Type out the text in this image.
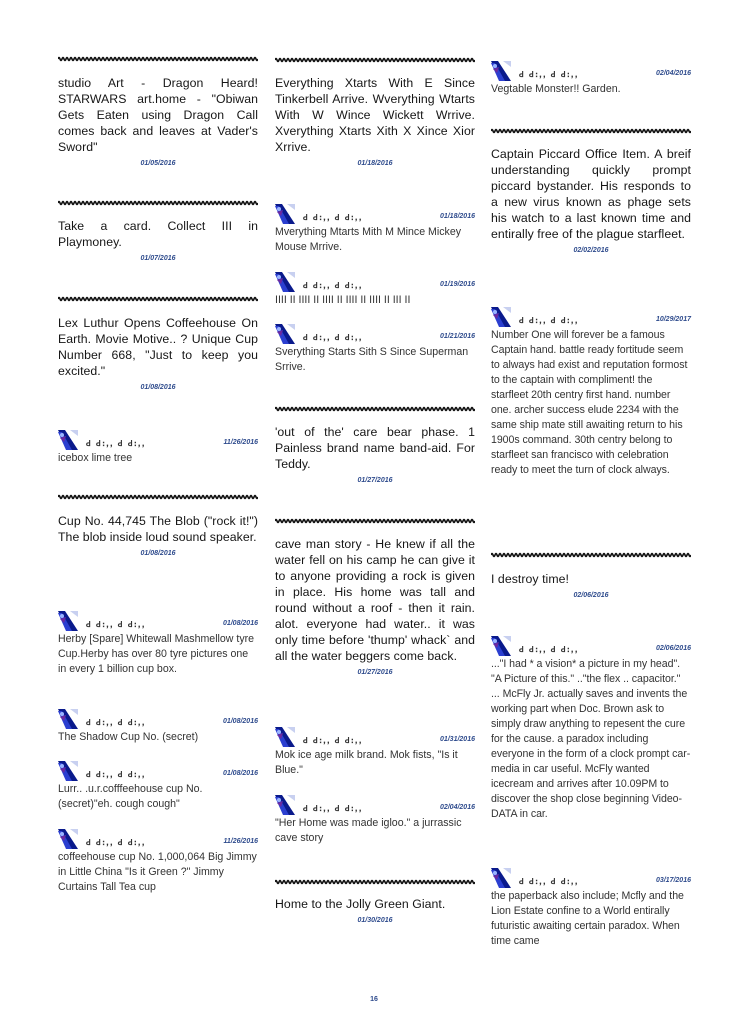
studio Art - Dragon Heard! STARWARS art.home - "Obiwan Gets Eaten using Dragon Call comes back and leaves at Vader's Sword"
01/05/2016
Take a card. Collect III in Playmoney.
01/07/2016
Lex Luthur Opens Coffeehouse On Earth. Movie Motive.. ? Unique Cup Number 668, "Just to keep you excited."
01/08/2016
ꓒ ꓒꓽꓹꓹ ꓒ ꓒꓽꓹꓹ	11/26/2016
icebox lime tree
Cup No. 44,745 The Blob ("rock it!") The blob inside loud sound speaker.
01/08/2016
ꓒ ꓒꓽꓹꓹ ꓒ ꓒꓽꓹꓹ	01/08/2016
Herby [Spare] Whitewall Mashmellow tyre Cup.Herby has over 80 tyre pictures one in every 1 billion cup box.
ꓒ ꓒꓽꓹꓹ ꓒ ꓒꓽꓹꓹ	01/08/2016
The Shadow Cup No. (secret)
ꓒ ꓒꓽꓹꓹ ꓒ ꓒꓽꓹꓹ	01/08/2016
Lurr.. .u.r.cofffeehouse cup No. (secret)"eh. cough cough"
ꓒ ꓒꓽꓹꓹ ꓒ ꓒꓽꓹꓹ	11/26/2016
coffeehouse cup No. 1,000,064 Big Jimmy in Little China "Is it Green ?" Jimmy Curtains Tall Tea cup
Everything Xtarts With E Since Tinkerbell Arrive. Wverything Wtarts With W Wince Wickett Wrrive. Xverything Xtarts Xith X Xince Xior Xrrive.
01/18/2016
ꓒ ꓒꓽꓹꓹ ꓒ ꓒꓽꓹꓹ	01/18/2016
Mverything Mtarts Mith M Mince Mickey Mouse Mrrive.
ꓒ ꓒꓽꓹꓹ ꓒ ꓒꓽꓹꓹ	01/19/2016
IIII II IIII II IIII II IIII II IIII II III II
ꓒ ꓒꓽꓹꓹ ꓒ ꓒꓽꓹꓹ	01/21/2016
Sverything Starts Sith S Since Superman Srrive.
'out of the' care bear phase. 1 Painless brand name band-aid. For Teddy.
01/27/2016
cave man story - He knew if all the water fell on his camp he can give it to anyone providing a rock is given in place. His home was tall and round without a roof - then it rain. alot. everyone had water.. it was only time before 'thump' whack` and all the water beggers come back.
01/27/2016
ꓒ ꓒꓽꓹꓹ ꓒ ꓒꓽꓹꓹ	01/31/2016
Mok ice age milk brand. Mok fists, "Is it Blue."
ꓒ ꓒꓽꓹꓹ ꓒ ꓒꓽꓹꓹ	02/04/2016
"Her Home was made igloo." a jurrassic cave story
Home to the Jolly Green Giant.
01/30/2016
ꓒ ꓒꓽꓹꓹ ꓒ ꓒꓽꓹꓹ	02/04/2016
Vegtable Monster!! Garden.
Captain Piccard Office Item. A breif understanding quickly prompt piccard bystander. His responds to a new virus known as phage sets his watch to a last known time and entirally free of the plague starfleet.
02/02/2016
ꓒ ꓒꓽꓹꓹ ꓒ ꓒꓽꓹꓹ	10/29/2017
Number One will forever be a famous Captain hand. battle ready fortitude seem to always had exist and reputation formost to the captain with compliment! the starfleet 20th centry first hand. number one. archer success elude 2234 with the same ship mate still awaiting return to his 1900s command. 30th centry belong to starfleet san francisco with celebration ready to meet the turn of clock always.
I destroy time!
02/06/2016
ꓒ ꓒꓽꓹꓹ ꓒ ꓒꓽꓹꓹ	02/06/2016
..."I had * a vision* a picture in my head". "A Picture of this." .."the flex .. capacitor." ... McFly Jr. actually saves and invents the working part when Doc. Brown ask to simply draw anything to repesent the cure for the cause. a paradox including everyone in the form of a clock prompt car-media in car useful. McFly wanted icecream and arrives after 10.09PM to discover the shop close beginning Video-DATA in car.
ꓒ ꓒꓽꓹꓹ ꓒ ꓒꓽꓹꓹ	03/17/2016
the paperback also include; Mcfly and the Lion Estate confine to a World entirally futuristic awaiting certain paradox. When time came
16
